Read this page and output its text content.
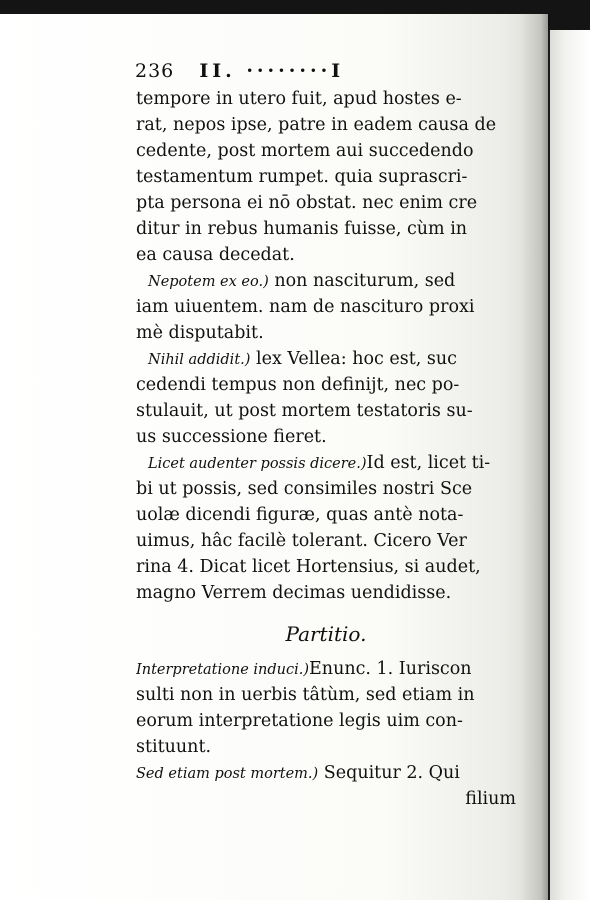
236 II. ········I
tempore in utero fuit, apud hostes e-
rat, nepos ipse, patre in eadem causa de
cedente, post mortem aui succedendo
testamentum rumpet. quia suprascri-
pta persona ei nō obstat. nec enim cre
ditur in rebus humanis fuisse, cùm in
ea causa decedat.
Nepotem ex eo.) non nasciturum, sed
iam uiuentem. nam de nascituro proxi
mè disputabit.
Nihil addidit.) lex Vellea: hoc est, suc
cedendi tempus non definijt, nec po-
stulauit, ut post mortem testatoris su-
us successione fieret.
Licet audenter possis dicere.)Id est, licet ti-
bi ut possis, sed consimiles nostri Sce
uolæ dicendi figuræ, quas antè nota-
uimus, hâc facilè tolerant. Cicero Ver
rina 4. Dicat licet Hortensius, si audet,
magno Verrem decimas uendidisse.
Partitio.
Interpretatione induci.)Enunc. 1. Iuriscon
sulti non in uerbis tâtùm, sed etiam in
eorum interpretatione legis uim con-
stituunt.
Sed etiam post mortem.) Sequitur 2. Qui
filium
